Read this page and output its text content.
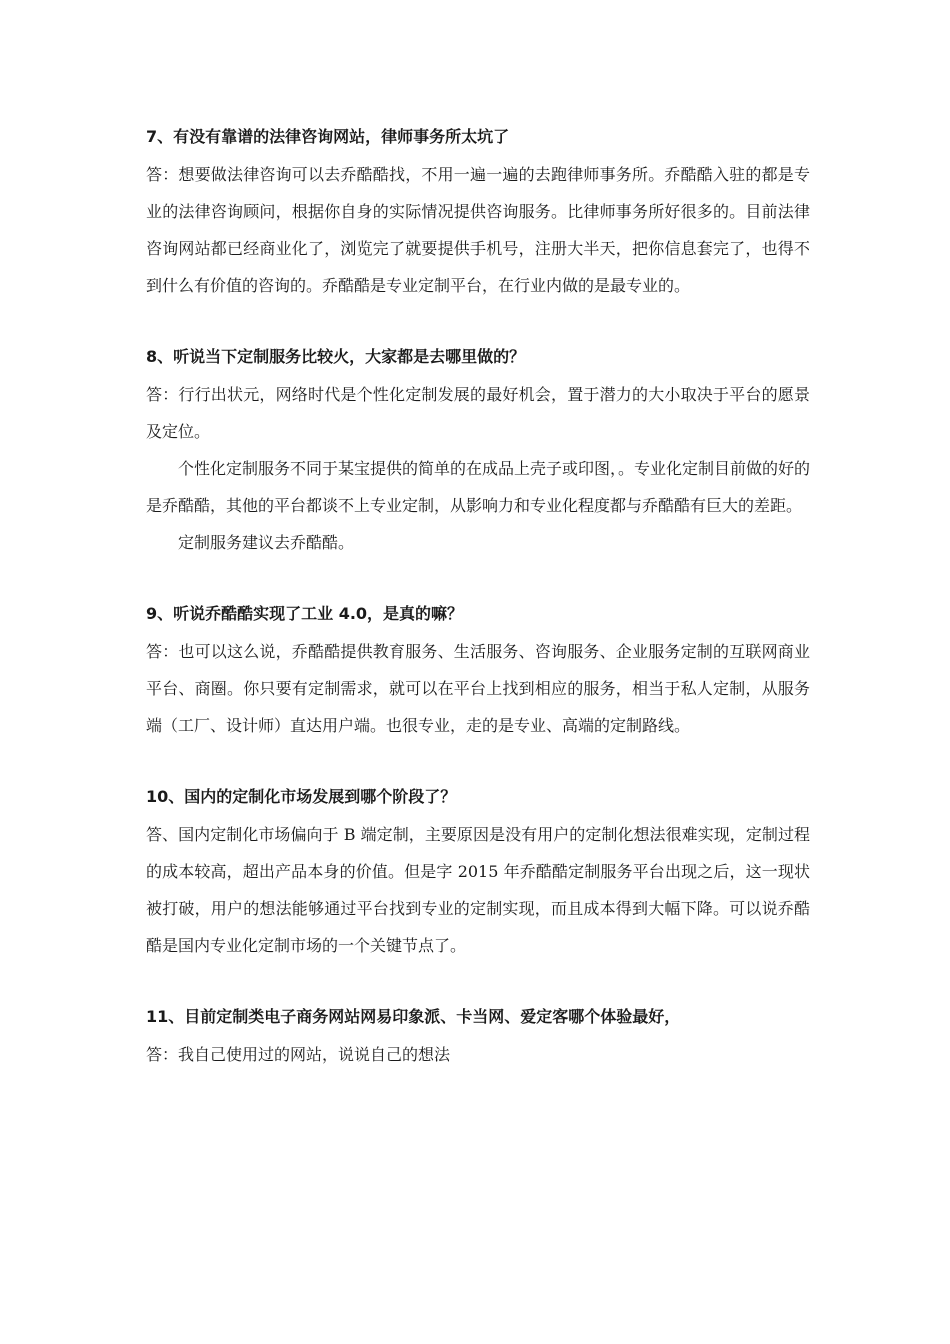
7、有没有靠谱的法律咨询网站，律师事务所太坑了

答：想要做法律咨询可以去乔酷酷找，不用一遍一遍的去跑律师事务所。乔酷酷入驻的都是专业的法律咨询顾问，根据你自身的实际情况提供咨询服务。比律师事务所好很多的。目前法律咨询网站都已经商业化了，浏览完了就要提供手机号，注册大半天，把你信息套完了，也得不到什么有价值的咨询的。乔酷酷是专业定制平台，在行业内做的是最专业的。

8、听说当下定制服务比较火，大家都是去哪里做的？

答：行行出状元，网络时代是个性化定制发展的最好机会，置于潜力的大小取决于平台的愿景及定位。

个性化定制服务不同于某宝提供的简单的在成品上壳子或印图，。专业化定制目前做的好的是乔酷酷，其他的平台都谈不上专业定制，从影响力和专业化程度都与乔酷酷有巨大的差距。

定制服务建议去乔酷酷。

9、听说乔酷酷实现了工业 4.0，是真的嘛？

答：也可以这么说，乔酷酷提供教育服务、生活服务、咨询服务、企业服务定制的互联网商业平台、商圈。你只要有定制需求，就可以在平台上找到相应的服务，相当于私人定制，从服务端（工厂、设计师）直达用户端。也很专业，走的是专业、高端的定制路线。

10、国内的定制化市场发展到哪个阶段了？

答、国内定制化市场偏向于 B 端定制，主要原因是没有用户的定制化想法很难实现，定制过程的成本较高，超出产品本身的价值。但是字 2015 年乔酷酷定制服务平台出现之后，这一现状被打破，用户的想法能够通过平台找到专业的定制实现，而且成本得到大幅下降。可以说乔酷酷是国内专业化定制市场的一个关键节点了。

11、目前定制类电子商务网站网易印象派、卡当网、爱定客哪个体验最好，

答：我自己使用过的网站，说说自己的想法
